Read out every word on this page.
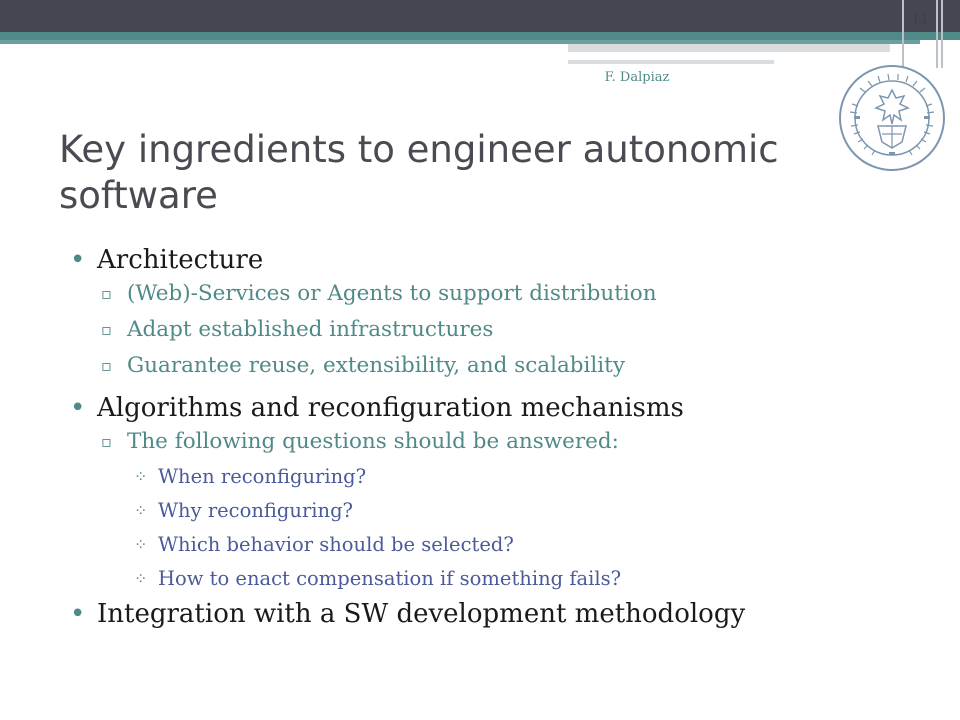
11
F. Dalpiaz
Key ingredients to engineer autonomic software
• Architecture
▫ (Web)-Services or Agents to support distribution
▫ Adapt established infrastructures
▫ Guarantee reuse, extensibility, and scalability
• Algorithms and reconfiguration mechanisms
▫ The following questions should be answered:
⁘ When reconfiguring?
⁘ Why reconfiguring?
⁘ Which behavior should be selected?
⁘ How to enact compensation if something fails?
• Integration with a SW development methodology
